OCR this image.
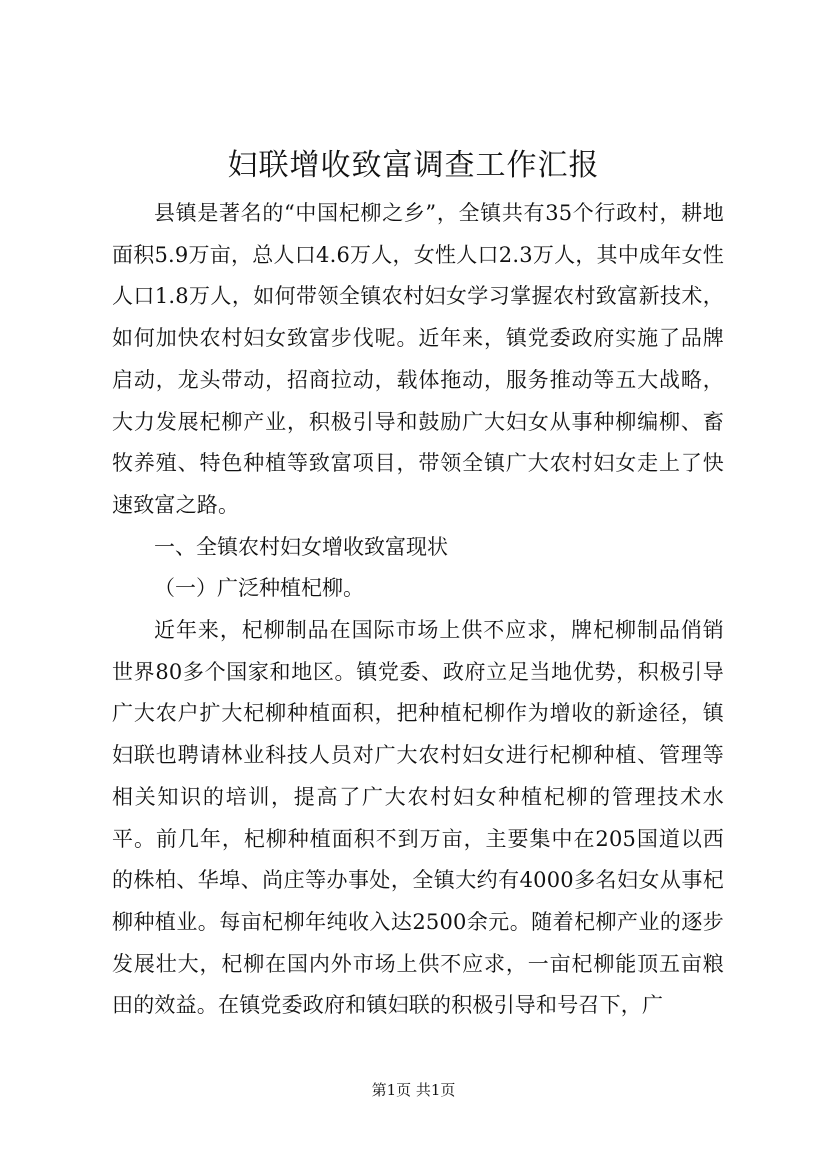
妇联增收致富调查工作汇报

县镇是著名的“中国杞柳之乡”，全镇共有35个行政村，耕地面积5.9万亩，总人口4.6万人，女性人口2.3万人，其中成年女性人口1.8万人，如何带领全镇农村妇女学习掌握农村致富新技术，如何加快农村妇女致富步伐呢。近年来，镇党委政府实施了品牌启动，龙头带动，招商拉动，载体拖动，服务推动等五大战略，大力发展杞柳产业，积极引导和鼓励广大妇女从事种柳编柳、畜牧养殖、特色种植等致富项目，带领全镇广大农村妇女走上了快速致富之路。

一、全镇农村妇女增收致富现状

（一）广泛种植杞柳。

近年来，杞柳制品在国际市场上供不应求，牌杞柳制品俏销世界80多个国家和地区。镇党委、政府立足当地优势，积极引导广大农户扩大杞柳种植面积，把种植杞柳作为增收的新途径，镇妇联也聘请林业科技人员对广大农村妇女进行杞柳种植、管理等相关知识的培训，提高了广大农村妇女种植杞柳的管理技术水平。前几年，杞柳种植面积不到万亩，主要集中在205国道以西的株柏、华埠、尚庄等办事处，全镇大约有4000多名妇女从事杞柳种植业。每亩杞柳年纯收入达2500余元。随着杞柳产业的逐步发展壮大，杞柳在国内外市场上供不应求，一亩杞柳能顶五亩粮田的效益。在镇党委政府和镇妇联的积极引导和号召下，广

第1页 共1页
